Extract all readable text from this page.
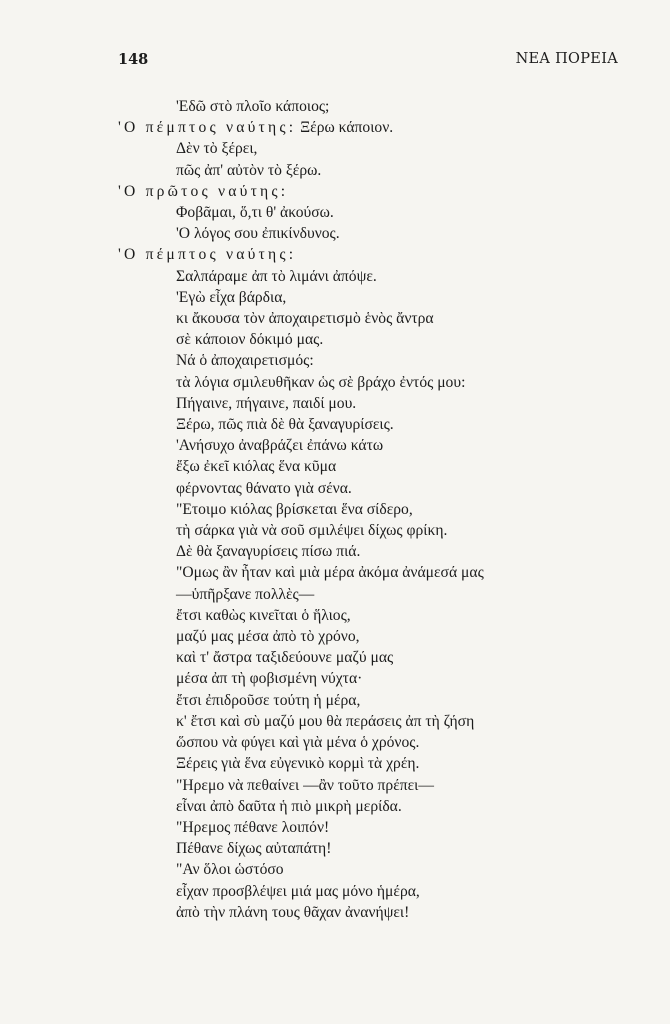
148	ΝΕΑ ΠΟΡΕΙΑ
'Εδῶ στὸ πλοῖο κάποιος;
'Ο πέμπτος ναύτης: Ξέρω κάποιον.
Δὲν τὸ ξέρει,
πῶς ἀπ' αὐτὸν τὸ ξέρω.
'Ο πρῶτος ναύτης:
Φοβᾶμαι, ὅ,τι θ' ἀκούσω.
'Ο λόγος σου ἐπικίνδυνος.
'Ο πέμπτος ναύτης:
Σαλπάραμε ἀπ τὸ λιμάνι ἀπόψε.
'Εγὼ εἶχα βάρδια,
κι ἄκουσα τὸν ἀποχαιρετισμὸ ἑνὸς ἄντρα
σὲ κάποιον δόκιμό μας.
Νά ὁ ἀποχαιρετισμός:
τὰ λόγια σμιλευθῆκαν ὡς σὲ βράχο ἐντός μου:
Πήγαινε, πήγαινε, παιδί μου.
Ξέρω, πῶς πιὰ δὲ θὰ ξαναγυρίσεις.
'Ανήσυχο ἀναβράζει ἐπάνω κάτω
ἔξω ἐκεῖ κιόλας ἕνα κῦμα
φέρνοντας θάνατο γιὰ σένα.
"Ετοιμο κιόλας βρίσκεται ἕνα σίδερο,
τὴ σάρκα γιὰ νὰ σοῦ σμιλέψει δίχως φρίκη.
Δὲ θὰ ξαναγυρίσεις πίσω πιά.
"Ομως ἂν ἦταν καὶ μιὰ μέρα ἀκόμα ἀνάμεσά μας
—ὑπῆρξανε πολλὲς—
ἔτσι καθὼς κινεῖται ὁ ἥλιος,
μαζύ μας μέσα ἀπὸ τὸ χρόνο,
καὶ τ' ἄστρα ταξιδεύουνε μαζύ μας
μέσα ἀπ τὴ φοβισμένη νύχτα·
ἔτσι ἐπιδροῦσε τούτη ἡ μέρα,
κ' ἔτσι καὶ σὺ μαζύ μου θὰ περάσεις ἀπ τὴ ζήση
ὥσπου νὰ φύγει καὶ γιὰ μένα ὁ χρόνος.
Ξέρεις γιὰ ἕνα εὐγενικὸ κορμὶ τὰ χρέη.
"Ηρεμο νὰ πεθαίνει —ἂν τοῦτο πρέπει—
εἶναι ἀπὸ δαῦτα ἡ πιὸ μικρὴ μερίδα.
"Ηρεμος πέθανε λοιπόν!
Πέθανε δίχως αὐταπάτη!
"Αν ὅλοι ὡστόσο
εἶχαν προσβλέψει μιά μας μόνο ἡμέρα,
ἀπὸ τὴν πλάνη τους θᾶχαν ἀνανήψει!
